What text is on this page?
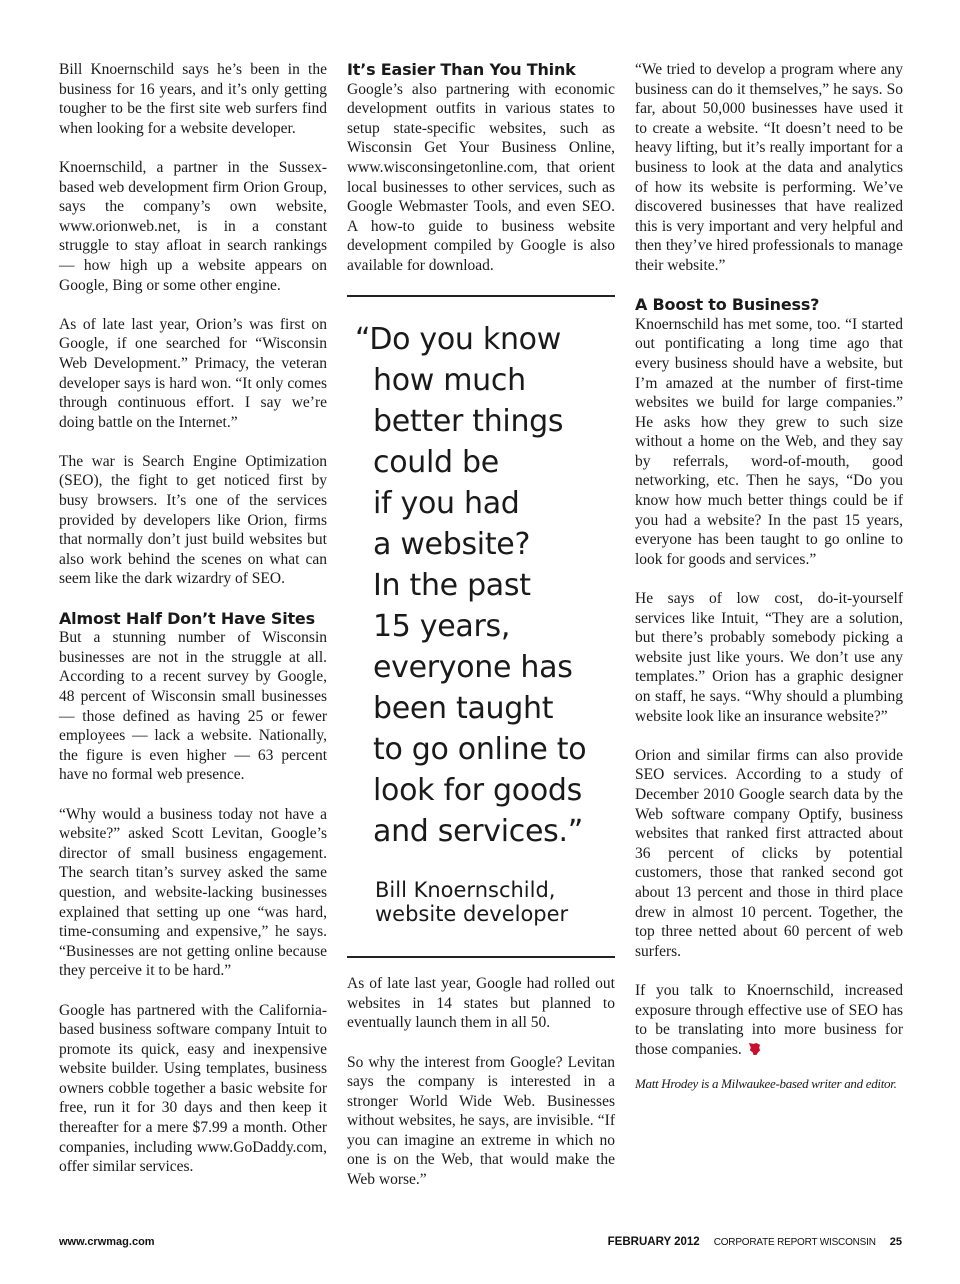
Bill Knoernschild says he’s been in the business for 16 years, and it’s only getting tougher to be the first site web surfers find when looking for a website developer.

Knoernschild, a partner in the Sussex-based web development firm Orion Group, says the company’s own website, www.orionweb.net, is in a constant struggle to stay afloat in search rankings — how high up a website appears on Google, Bing or some other engine.

As of late last year, Orion’s was first on Google, if one searched for “Wisconsin Web Development.” Primacy, the veteran developer says is hard won. “It only comes through continuous effort. I say we’re doing battle on the Internet.”

The war is Search Engine Optimization (SEO), the fight to get noticed first by busy browsers. It’s one of the services provided by developers like Orion, firms that normally don’t just build websites but also work behind the scenes on what can seem like the dark wizardry of SEO.

Almost Half Don’t Have Sites

But a stunning number of Wisconsin businesses are not in the struggle at all. According to a recent survey by Google, 48 percent of Wisconsin small businesses — those defined as having 25 or fewer employees — lack a website. Nationally, the figure is even higher — 63 percent have no formal web presence.

“Why would a business today not have a website?” asked Scott Levitan, Google’s director of small business engagement. The search titan’s survey asked the same question, and website-lacking businesses explained that setting up one “was hard, time-consuming and expensive,” he says. “Businesses are not getting online because they perceive it to be hard.”

Google has partnered with the California-based business software company Intuit to promote its quick, easy and inexpensive website builder. Using templates, business owners cobble together a basic website for free, run it for 30 days and then keep it thereafter for a mere $7.99 a month. Other companies, including www.GoDaddy.com, offer similar services.

It’s Easier Than You Think

Google’s also partnering with economic development outfits in various states to setup state-specific websites, such as Wisconsin Get Your Business Online, www.wisconsingetonline.com, that orient local businesses to other services, such as Google Webmaster Tools, and even SEO. A how-to guide to business website development compiled by Google is also available for download.

“Do you know
how much
better things
could be
if you had
a website?
In the past
15 years,
everyone has
been taught
to go online to
look for goods
and services.”

Bill Knoernschild,
website developer

As of late last year, Google had rolled out websites in 14 states but planned to eventually launch them in all 50.

So why the interest from Google? Levitan says the company is interested in a stronger World Wide Web. Businesses without websites, he says, are invisible. “If you can imagine an extreme in which no one is on the Web, that would make the Web worse.”

“We tried to develop a program where any business can do it themselves,” he says. So far, about 50,000 businesses have used it to create a website. “It doesn’t need to be heavy lifting, but it’s really important for a business to look at the data and analytics of how its website is performing. We’ve discovered businesses that have realized this is very important and very helpful and then they’ve hired professionals to manage their website.”

A Boost to Business?

Knoernschild has met some, too. “I started out pontificating a long time ago that every business should have a website, but I’m amazed at the number of first-time websites we build for large companies.” He asks how they grew to such size without a home on the Web, and they say by referrals, word-of-mouth, good networking, etc. Then he says, “Do you know how much better things could be if you had a website? In the past 15 years, everyone has been taught to go online to look for goods and services.”

He says of low cost, do-it-yourself services like Intuit, “They are a solution, but there’s probably somebody picking a website just like yours. We don’t use any templates.” Orion has a graphic designer on staff, he says. “Why should a plumbing website look like an insurance website?”

Orion and similar firms can also provide SEO services. According to a study of December 2010 Google search data by the Web software company Optify, business websites that ranked first attracted about 36 percent of clicks by potential customers, those that ranked second got about 13 percent and those in third place drew in almost 10 percent. Together, the top three netted about 60 percent of web surfers.

If you talk to Knoernschild, increased exposure through effective use of SEO has to be translating into more business for those companies.

Matt Hrodey is a Milwaukee-based writer and editor.

www.crwmag.com	FEBRUARY 2012 CORPORATE REPORT WISCONSIN 25
